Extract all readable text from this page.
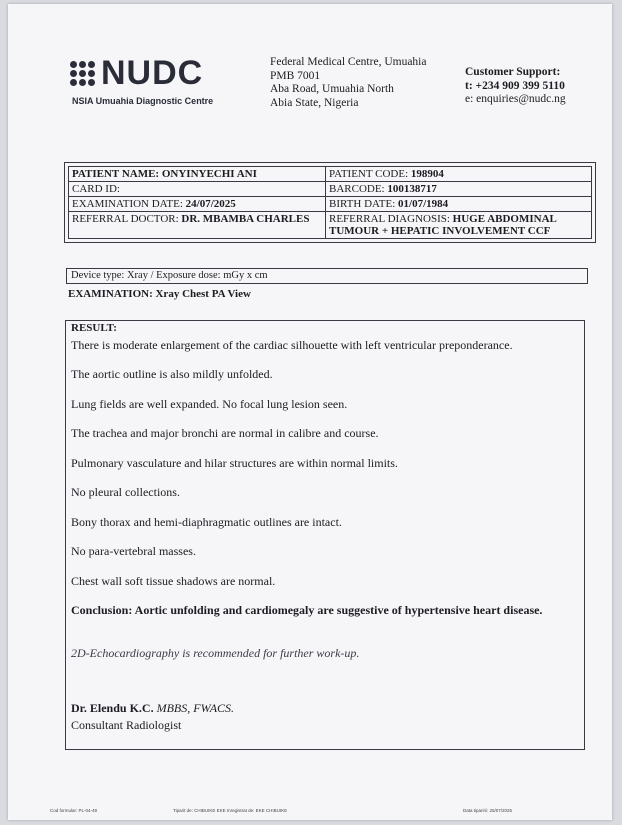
NUDC
NSIA Umuahia Diagnostic Centre
Federal Medical Centre, Umuahia
PMB 7001
Aba Road, Umuahia North
Abia State, Nigeria
Customer Support:
t: +234 909 399 5110
e: enquiries@nudc.ng
PATIENT NAME: ONYINYECHI ANI	PATIENT CODE: 198904
CARD ID:	BARCODE: 100138717
EXAMINATION DATE: 24/07/2025	BIRTH DATE: 01/07/1984
REFERRAL DOCTOR: DR. MBAMBA CHARLES	REFERRAL DIAGNOSIS: HUGE ABDOMINAL TUMOUR + HEPATIC INVOLVEMENT CCF
Device type: Xray / Exposure dose: mGy x cm
EXAMINATION: Xray Chest PA View
RESULT:
There is moderate enlargement of the cardiac silhouette with left ventricular preponderance.
The aortic outline is also mildly unfolded.
Lung fields are well expanded. No focal lung lesion seen.
The trachea and major bronchi are normal in calibre and course.
Pulmonary vasculature and hilar structures are within normal limits.
No pleural collections.
Bony thorax and hemi-diaphragmatic outlines are intact.
No para-vertebral masses.
Chest wall soft tissue shadows are normal.
Conclusion: Aortic unfolding and cardiomegaly are suggestive of hypertensive heart disease.
2D-Echocardiography is recommended for further work-up.
Dr. Elendu K.C. MBBS, FWACS.
Consultant Radiologist
Cod formular: PL-04-49	Tiparit de: CHIBUIKE EKE Inregistrat de: EKE CHIBUIKE	Data tiparirii: 25/07/2025
